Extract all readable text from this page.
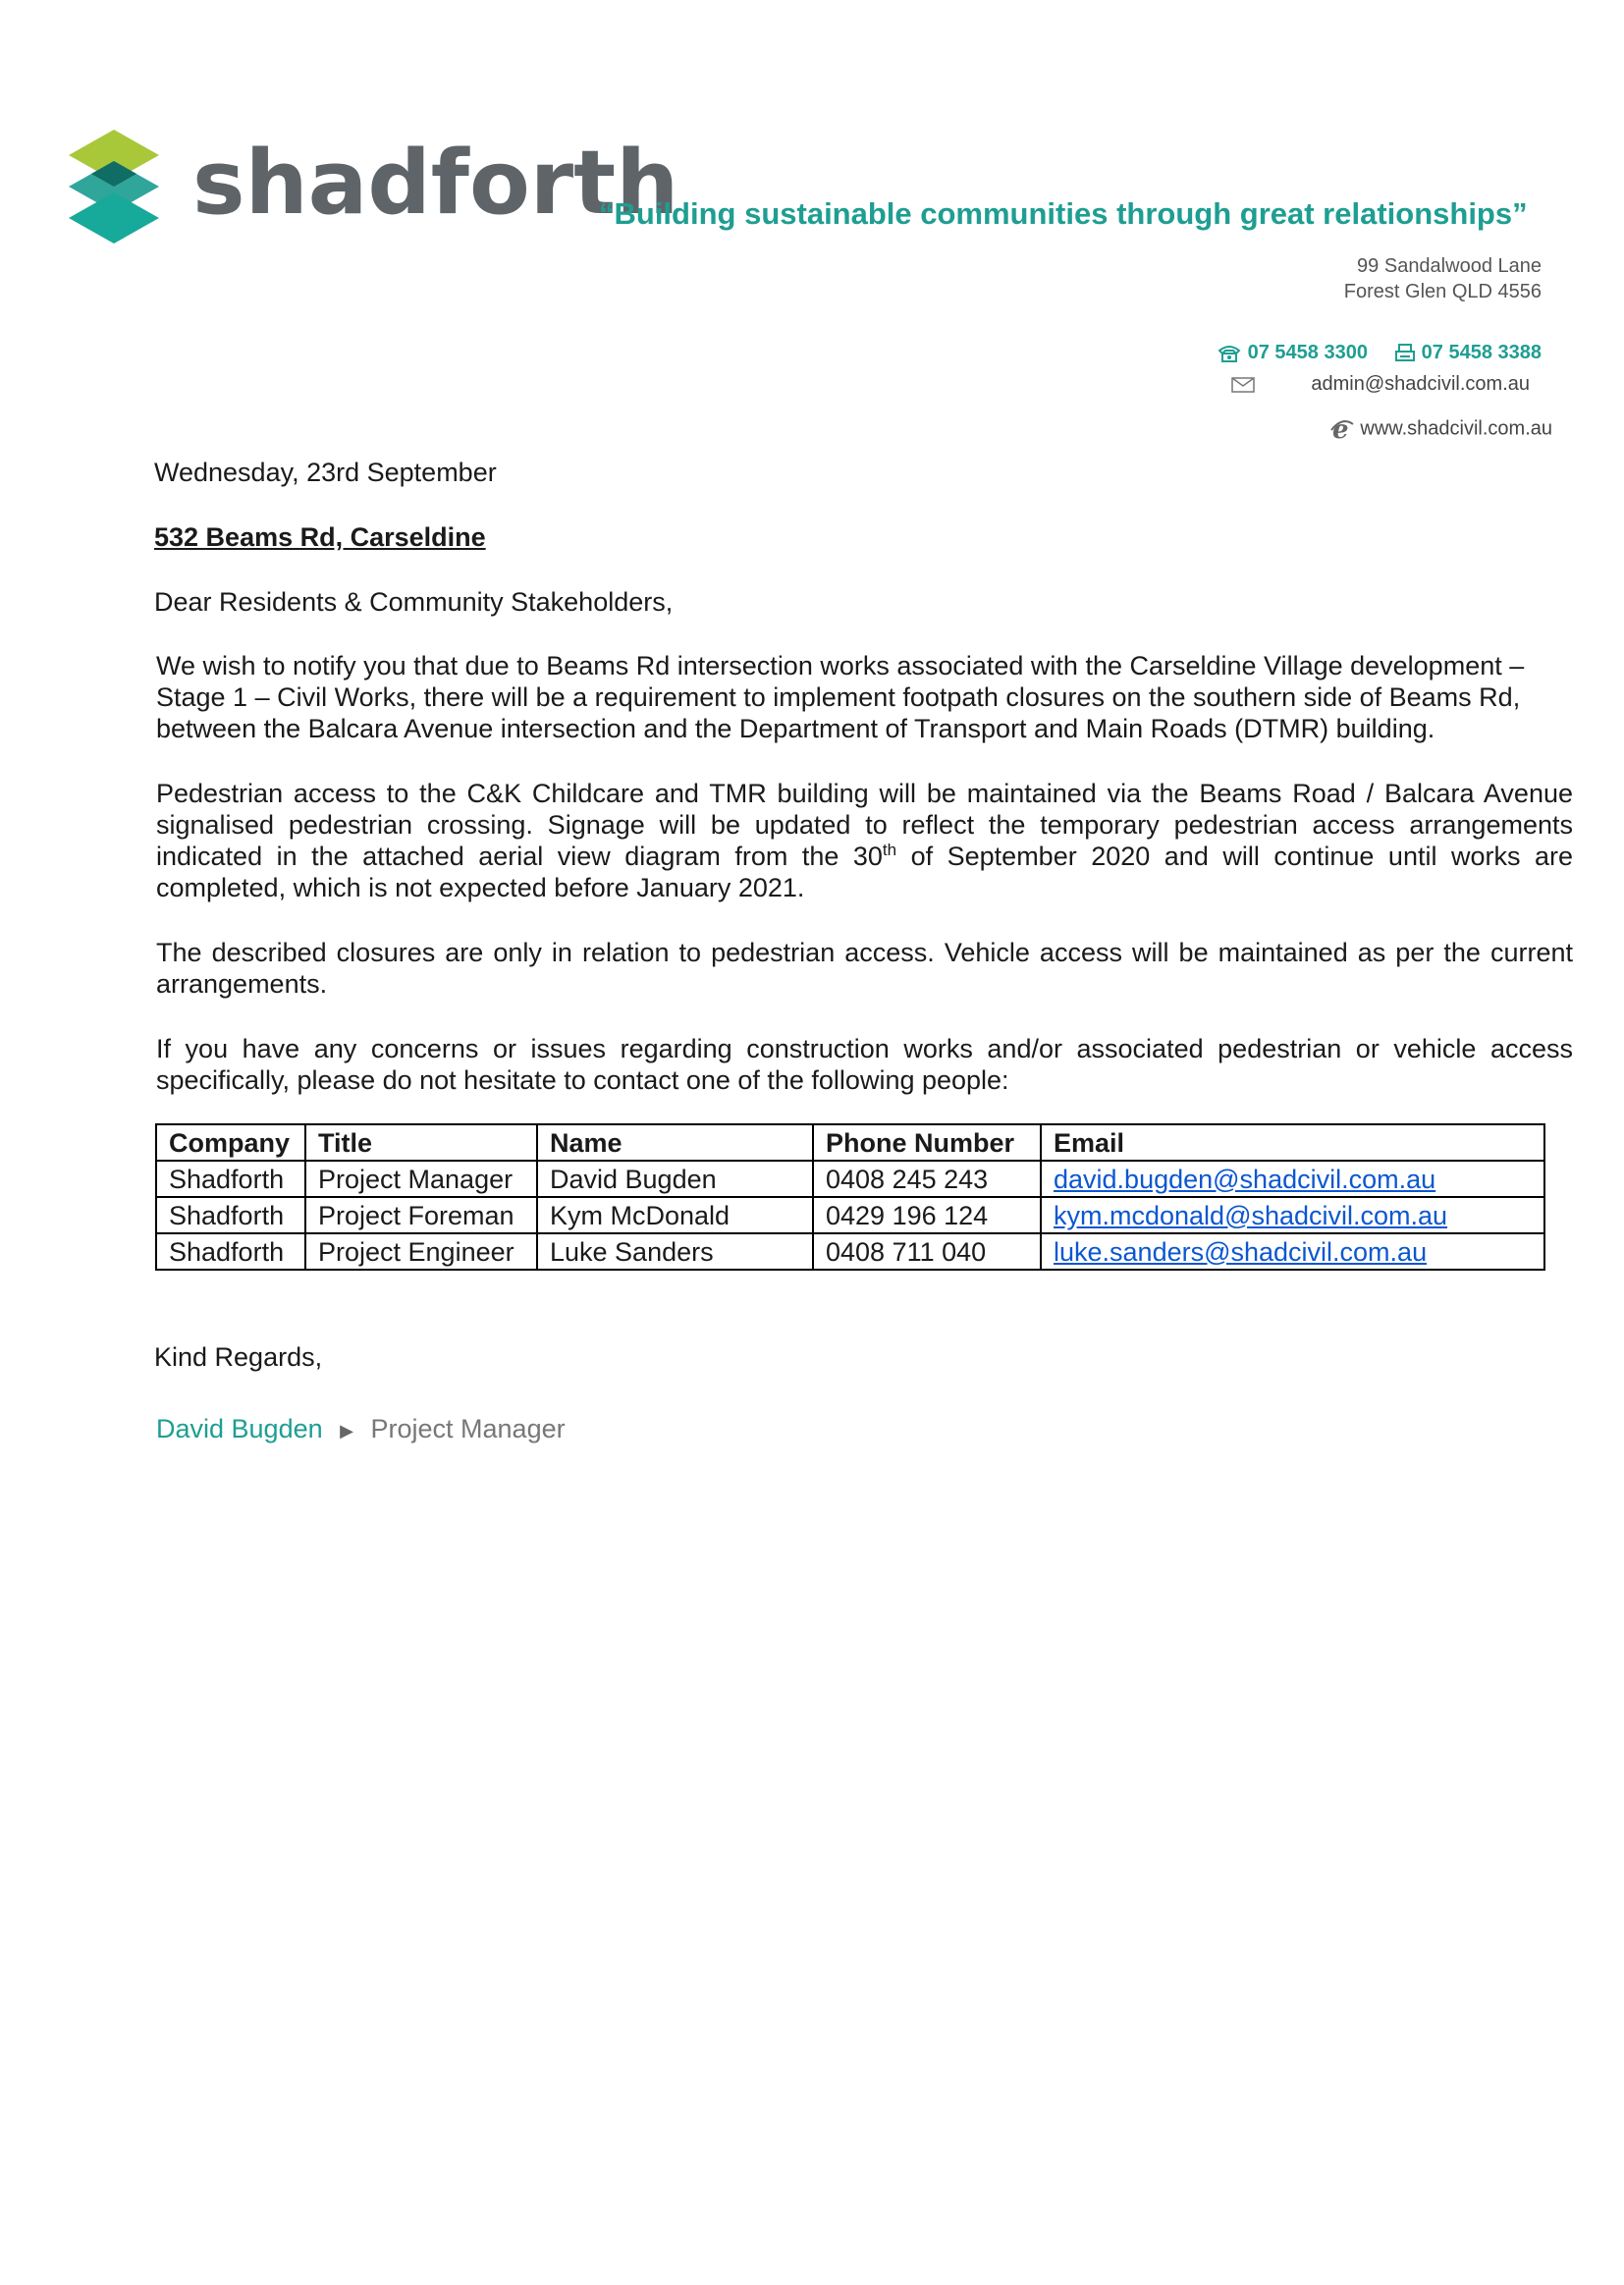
shadforth
“Building sustainable communities through great relationships”
99 Sandalwood Lane
Forest Glen QLD 4556
07 5458 3300	07 5458 3388
admin@shadcivil.com.au
e www.shadcivil.com.au
Wednesday, 23rd September
532 Beams Rd, Carseldine
Dear Residents & Community Stakeholders,
We wish to notify you that due to Beams Rd intersection works associated with the Carseldine Village development – Stage 1 – Civil Works, there will be a requirement to implement footpath closures on the southern side of Beams Rd, between the Balcara Avenue intersection and the Department of Transport and Main Roads (DTMR) building.
Pedestrian access to the C&K Childcare and TMR building will be maintained via the Beams Road / Balcara Avenue signalised pedestrian crossing. Signage will be updated to reflect the temporary pedestrian access arrangements indicated in the attached aerial view diagram from the 30th of September 2020 and will continue until works are completed, which is not expected before January 2021.
The described closures are only in relation to pedestrian access. Vehicle access will be maintained as per the current arrangements.
If you have any concerns or issues regarding construction works and/or associated pedestrian or vehicle access specifically, please do not hesitate to contact one of the following people:
Company	Title	Name	Phone Number	Email
Shadforth	Project Manager	David Bugden	0408 245 243	david.bugden@shadcivil.com.au
Shadforth	Project Foreman	Kym McDonald	0429 196 124	kym.mcdonald@shadcivil.com.au
Shadforth	Project Engineer	Luke Sanders	0408 711 040	luke.sanders@shadcivil.com.au
Kind Regards,
David Bugden ▶ Project Manager
